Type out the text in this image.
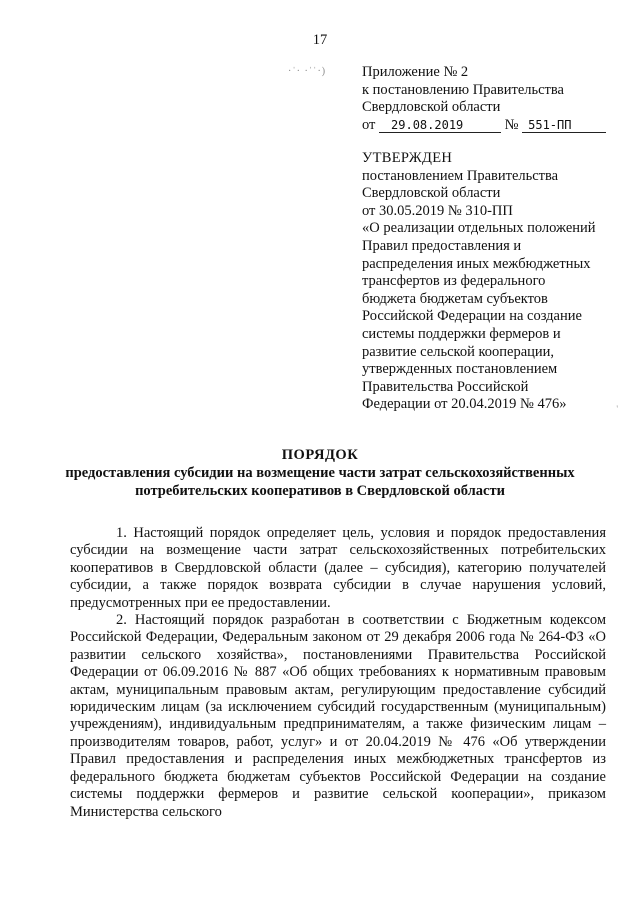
17
·ˈ· ·ˈˈ·) Приложение № 2
к постановлению Правительства
Свердловской области
от 29.08.2019	№ 551-ПП
УТВЕРЖДЕН
постановлением Правительства
Свердловской области
от 30.05.2019 № 310-ПП
«О реализации отдельных положений
Правил предоставления и
распределения иных межбюджетных
трансфертов из федерального
бюджета бюджетам субъектов
Российской Федерации на создание
системы поддержки фермеров и
развитие сельской кооперации,
утвержденных постановлением
Правительства Российской
Федерации от 20.04.2019 № 476»	'
ПОРЯДОК
предоставления субсидии на возмещение части затрат сельскохозяйственных
потребительских кооперативов в Свердловской области

1. Настоящий порядок определяет цель, условия и порядок предоставления субсидии на возмещение части затрат сельскохозяйственных потребительских кооперативов в Свердловской области (далее – субсидия), категорию получателей субсидии, а также порядок возврата субсидии в случае нарушения условий, предусмотренных при ее предоставлении.

2. Настоящий порядок разработан в соответствии с Бюджетным кодексом Российской Федерации, Федеральным законом от 29 декабря 2006 года № 264-ФЗ «О развитии сельского хозяйства», постановлениями Правительства Российской Федерации от 06.09.2016 № 887 «Об общих требованиях к нормативным правовым актам, муниципальным правовым актам, регулирующим предоставление субсидий юридическим лицам (за исключением субсидий государственным (муниципальным) учреждениям), индивидуальным предпринимателям, а также физическим лицам – производителям товаров, работ, услуг» и от 20.04.2019 № 476 «Об утверждении Правил предоставления и распределения иных межбюджетных трансфертов из федерального бюджета бюджетам субъектов Российской Федерации на создание системы поддержки фермеров и развитие сельской кооперации», приказом Министерства сельского
